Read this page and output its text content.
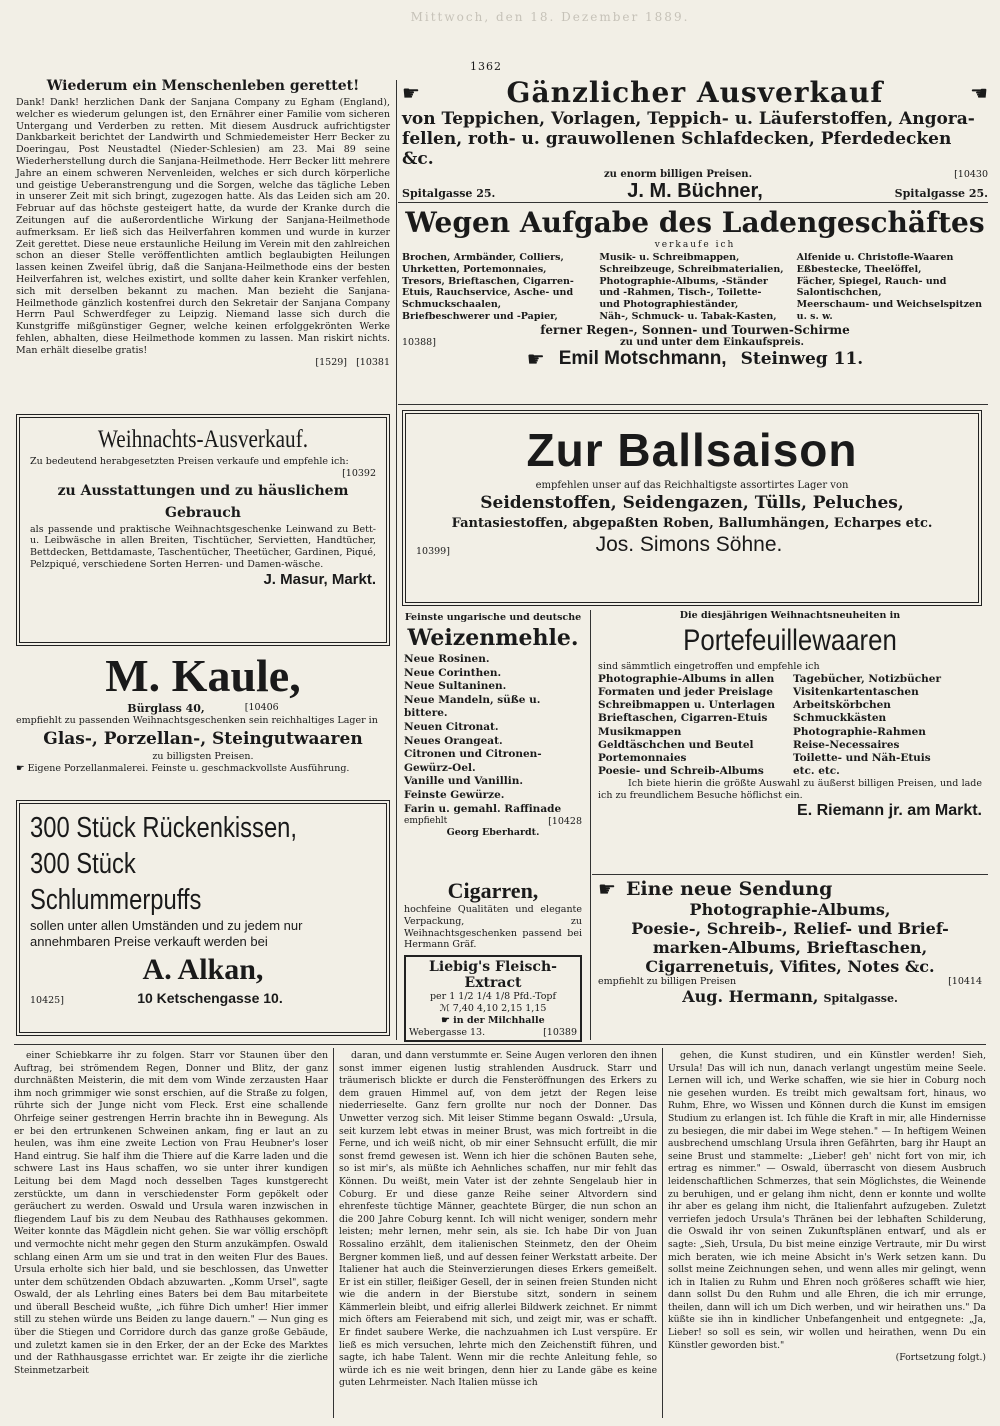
Mittwoch, den 18. Dezember 1889.
1362
Wiederum ein Menschenleben gerettet!
Dank! Dank! herzlichen Dank der Sanjana Company zu Egham (England), welcher es wiederum gelungen ist, den Ernährer einer Familie vom sicheren Untergang und Verderben zu retten. Mit diesem Ausdruck aufrichtigster Dankbarkeit berichtet der Landwirth und Schmiedemeister Herr Becker zu Doeringau, Post Neustadtel (Nieder-Schlesien) am 23. Mai 89 seine Wiederherstellung durch die Sanjana-Heilmethode. Herr Becker litt mehrere Jahre an einem schweren Nervenleiden, welches er sich durch körperliche und geistige Ueberanstrengung und die Sorgen, welche das tägliche Leben in unserer Zeit mit sich bringt, zugezogen hatte. Als das Leiden sich am 20. Februar auf das höchste gesteigert hatte, da wurde der Kranke durch die Zeitungen auf die außerordentliche Wirkung der Sanjana-Heilmethode aufmerksam. Er ließ sich das Heilverfahren kommen und wurde in kurzer Zeit gerettet. Diese neue erstaunliche Heilung im Verein mit den zahlreichen schon an dieser Stelle veröffentlichten amtlich beglaubigten Heilungen lassen keinen Zweifel übrig, daß die Sanjana-Heilmethode eins der besten Heilverfahren ist, welches existirt, und sollte daher kein Kranker verfehlen, sich mit derselben bekannt zu machen. Man bezieht die Sanjana-Heilmethode gänzlich kostenfrei durch den Sekretair der Sanjana Company Herrn Paul Schwerdfeger zu Leipzig. Niemand lasse sich durch die Kunstgriffe mißgünstiger Gegner, welche keinen erfolggekrönten Werke fehlen, abhalten, diese Heilmethode kommen zu lassen. Man riskirt nichts. Man erhält dieselbe gratis!
[1529] [10381
☛	Gänzlicher Ausverkauf	☚
von Teppichen, Vorlagen, Teppich- u. Läuferstoffen, Angora-
fellen, roth- u. grauwollenen Schlafdecken, Pferdedecken &c.
zu enorm billigen Preisen.	[10430
Spitalgasse 25.	J. M. Büchner,	Spitalgasse 25.
Wegen Aufgabe des Ladengeschäftes
verkaufe ich
Brochen, Armbänder, Colliers,
Uhrketten, Portemonnaies,
Tresors, Brieftaschen, Cigarren-
Etuis, Rauchservice, Asche- und
Schmuckschaalen,
Briefbeschwerer und -Papier,
Musik- u. Schreibmappen,
Schreibzeuge, Schreibmaterialien,
Photographie-Albums, -Ständer
und -Rahmen, Tisch-, Toilette-
und Photographieständer,
Näh-, Schmuck- u. Tabak-Kasten,
Alfenide u. Christofle-Waaren
Eßbestecke, Theelöffel,
Fächer, Spiegel, Rauch- und
Salontischchen,
Meerschaum- und Weichselspitzen
u. s. w.
ferner Regen-, Sonnen- und Tourwen-Schirme
10388]	zu und unter dem Einkaufspreis.
☛ Emil Motschmann, Steinweg 11.
Zur Ballsaison
empfehlen unser auf das Reichhaltigste assortirtes Lager von
Seidenstoffen, Seidengazen, Tülls, Peluches,
Fantasiestoffen, abgepaßten Roben, Ballumhängen, Echarpes etc.
10399]	Jos. Simons Söhne.
Weihnachts-Ausverkauf.
Zu bedeutend herabgesetzten Preisen verkaufe und empfehle ich:
[10392
zu Ausstattungen und zu häuslichem Gebrauch
als passende und praktische Weihnachtsgeschenke Leinwand zu Bett- u. Leibwäsche in allen Breiten, Tischtücher, Servietten, Handtücher, Bettdecken, Bettdamaste, Taschentücher, Theetücher, Gardinen, Piqué, Pelzpiqué, verschiedene Sorten Herren- und Damen-wäsche.
J. Masur, Markt.
M. Kaule,
Bürglass 40,	[10406
empfiehlt zu passenden Weihnachtsgeschenken sein reichhaltiges Lager in
Glas-, Porzellan-, Steingutwaaren
zu billigsten Preisen.
☛ Eigene Porzellanmalerei. Feinste u. geschmackvollste Ausführung.
300 Stück Rückenkissen,
300 Stück Schlummerpuffs
sollen unter allen Umständen und zu jedem nur annehmbaren Preise verkauft werden bei
A. Alkan,
10425]	10 Ketschengasse 10.
Feinste ungarische und deutsche
Weizenmehle.
Neue Rosinen.
Neue Corinthen.
Neue Sultaninen.
Neue Mandeln, süße u. bittere.
Neuen Citronat.
Neues Orangeat.
Citronen und Citronen-
Gewürz-Oel.
Vanille und Vanillin.
Feinste Gewürze.
Farin u. gemahl. Raffinade
empfiehlt	[10428
Georg Eberhardt.
Cigarren,
hochfeine Qualitäten und elegante Verpackung, zu Weihnachtsgeschenken passend bei Hermann Gräf.
Liebig's Fleisch-Extract
per 1 1/2 1/4 1/8 Pfd.-Topf
ℳ 7,40 4,10 2,15 1,15
☛ in der Milchhalle
Webergasse 13.	[10389
Die diesjährigen Weihnachtsneuheiten in
Portefeuillewaaren
sind sämmtlich eingetroffen und empfehle ich
Photographie-Albums in allen
Formaten und jeder Preislage
Schreibmappen u. Unterlagen
Brieftaschen, Cigarren-Etuis
Musikmappen
Geldtäschchen und Beutel
Portemonnaies
Poesie- und Schreib-Albums
Tagebücher, Notizbücher
Visitenkartentaschen
Arbeitskörbchen
Schmuckkästen
Photographie-Rahmen
Reise-Necessaires
Toilette- und Näh-Etuis
etc. etc.
Ich biete hierin die größte Auswahl zu äußerst billigen Preisen, und lade ich zu freundlichem Besuche höflichst ein.
E. Riemann jr. am Markt.
☛ Eine neue Sendung
Photographie-Albums,
Poesie-, Schreib-, Relief- und Brief-
marken-Albums, Brieftaschen,
Cigarrenetuis, Vifites, Notes &c.
empfiehlt zu billigen Preisen	[10414
Aug. Hermann, Spitalgasse.

einer Schiebkarre ihr zu folgen. Starr vor Staunen über den Auftrag, bei strömendem Regen, Donner und Blitz, der ganz durchnäßten Meisterin, die mit dem vom Winde zerzausten Haar ihm noch grimmiger wie sonst erschien, auf die Straße zu folgen, rührte sich der Junge nicht vom Fleck. Erst eine schallende Ohrfeige seiner gestrengen Herrin brachte ihn in Bewegung. Als er bei den ertrunkenen Schweinen ankam, fing er laut an zu heulen, was ihm eine zweite Lection von Frau Heubner's loser Hand eintrug. Sie half ihm die Thiere auf die Karre laden und die schwere Last ins Haus schaffen, wo sie unter ihrer kundigen Leitung bei dem Magd noch desselben Tages kunstgerecht zerstückte, um dann in verschiedenster Form gepökelt oder geräuchert zu werden. Oswald und Ursula waren inzwischen in fliegendem Lauf bis zu dem Neubau des Rathhauses gekommen. Weiter konnte das Mägdlein nicht gehen. Sie war völlig erschöpft und vermochte nicht mehr gegen den Sturm anzukämpfen. Oswald schlang einen Arm um sie und trat in den weiten Flur des Baues. Ursula erholte sich hier bald, und sie beschlossen, das Unwetter unter dem schützenden Obdach abzuwarten. „Komm Ursel", sagte Oswald, der als Lehrling eines Baters bei dem Bau mitarbeitete und überall Bescheid wußte, „ich führe Dich umher! Hier immer still zu stehen würde uns Beiden zu lange dauern." — Nun ging es über die Stiegen und Corridore durch das ganze große Gebäude, und zuletzt kamen sie in den Erker, der an der Ecke des Marktes und der Rathhausgasse errichtet war. Er zeigte ihr die zierliche Steinmetzarbeit

daran, und dann verstummte er. Seine Augen verloren den ihnen sonst immer eigenen lustig strahlenden Ausdruck. Starr und träumerisch blickte er durch die Fensteröffnungen des Erkers zu dem grauen Himmel auf, von dem jetzt der Regen leise niederrieselte. Ganz fern grollte nur noch der Donner. Das Unwetter verzog sich. Mit leiser Stimme begann Oswald: „Ursula, seit kurzem lebt etwas in meiner Brust, was mich fortreibt in die Ferne, und ich weiß nicht, ob mir einer Sehnsucht erfüllt, die mir sonst fremd gewesen ist. Wenn ich hier die schönen Bauten sehe, so ist mir's, als müßte ich Aehnliches schaffen, nur mir fehlt das Können. Du weißt, mein Vater ist der zehnte Sengelaub hier in Coburg. Er und diese ganze Reihe seiner Altvordern sind ehrenfeste tüchtige Männer, geachtete Bürger, die nun schon an die 200 Jahre Coburg kennt. Ich will nicht weniger, sondern mehr leisten; mehr lernen, mehr sein, als sie. Ich habe Dir von Juan Rossalino erzählt, dem italienischen Steinmetz, den der Oheim Bergner kommen ließ, und auf dessen feiner Werkstatt arbeite. Der Italiener hat auch die Steinverzierungen dieses Erkers gemeißelt. Er ist ein stiller, fleißiger Gesell, der in seinen freien Stunden nicht wie die andern in der Bierstube sitzt, sondern in seinem Kämmerlein bleibt, und eifrig allerlei Bildwerk zeichnet. Er nimmt mich öfters am Feierabend mit sich, und zeigt mir, was er schafft. Er findet saubere Werke, die nachzuahmen ich Lust verspüre. Er ließ es mich versuchen, lehrte mich den Zeichenstift führen, und sagte, ich habe Talent. Wenn mir die rechte Anleitung fehle, so würde ich es nie weit bringen, denn hier zu Lande gäbe es keine guten Lehrmeister. Nach Italien müsse ich

gehen, die Kunst studiren, und ein Künstler werden! Sieh, Ursula! Das will ich nun, danach verlangt ungestüm meine Seele. Lernen will ich, und Werke schaffen, wie sie hier in Coburg noch nie gesehen wurden. Es treibt mich gewaltsam fort, hinaus, wo Ruhm, Ehre, wo Wissen und Können durch die Kunst im emsigen Studium zu erlangen ist. Ich fühle die Kraft in mir, alle Hindernisse zu besiegen, die mir dabei im Wege stehen." — In heftigem Weinen ausbrechend umschlang Ursula ihren Gefährten, barg ihr Haupt an seine Brust und stammelte: „Lieber! geh' nicht fort von mir, ich ertrag es nimmer." — Oswald, überrascht von diesem Ausbruch leidenschaftlichen Schmerzes, that sein Möglichstes, die Weinende zu beruhigen, und er gelang ihm nicht, denn er konnte und wollte ihr aber es gelang ihm nicht, die Italienfahrt aufzugeben. Zuletzt verriefen jedoch Ursula's Thränen bei der lebhaften Schilderung, die Oswald ihr von seinen Zukunftsplänen entwarf, und als er sagte: „Sieh, Ursula, Du bist meine einzige Vertraute, mir Du wirst mich beraten, wie ich meine Absicht in's Werk setzen kann. Du sollst meine Zeichnungen sehen, und wenn alles mir gelingt, wenn ich in Italien zu Ruhm und Ehren noch größeres schafft wie hier, dann sollst Du den Ruhm und alle Ehren, die ich mir errunge, theilen, dann will ich um Dich werben, und wir heirathen uns." Da küßte sie ihn in kindlicher Unbefangenheit und entgegnete: „Ja, Lieber! so soll es sein, wir wollen und heirathen, wenn Du ein Künstler geworden bist."

(Fortsetzung folgt.)
